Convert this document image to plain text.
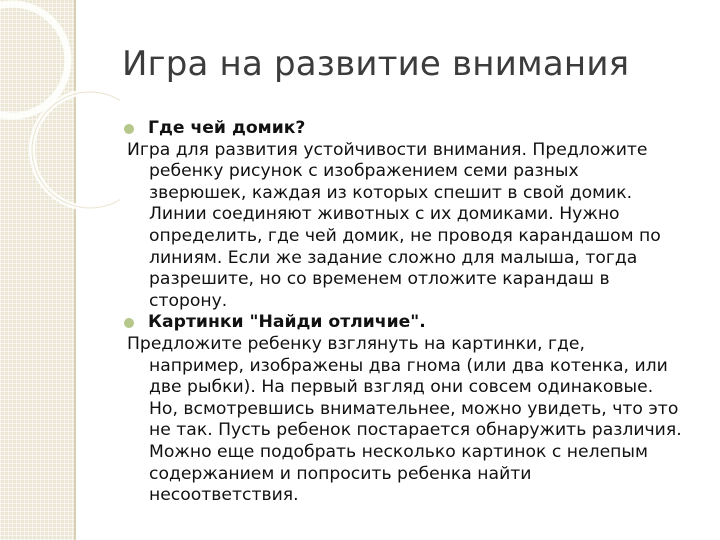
Игра на развитие внимания
Где чей домик?
Игра для развития устойчивости внимания. Предложите
ребенку рисунок с изображением семи разных
зверюшек, каждая из которых спешит в свой домик.
Линии соединяют животных с их домиками. Нужно
определить, где чей домик, не проводя карандашом по
линиям. Если же задание сложно для малыша, тогда
разрешите, но со временем отложите карандаш в
сторону.
Картинки "Найди отличие".
Предложите ребенку взглянуть на картинки, где,
например, изображены два гнома (или два котенка, или
две рыбки). На первый взгляд они совсем одинаковые.
Но, всмотревшись внимательнее, можно увидеть, что это
не так. Пусть ребенок постарается обнаружить различия.
Можно еще подобрать несколько картинок с нелепым
содержанием и попросить ребенка найти
несоответствия.
